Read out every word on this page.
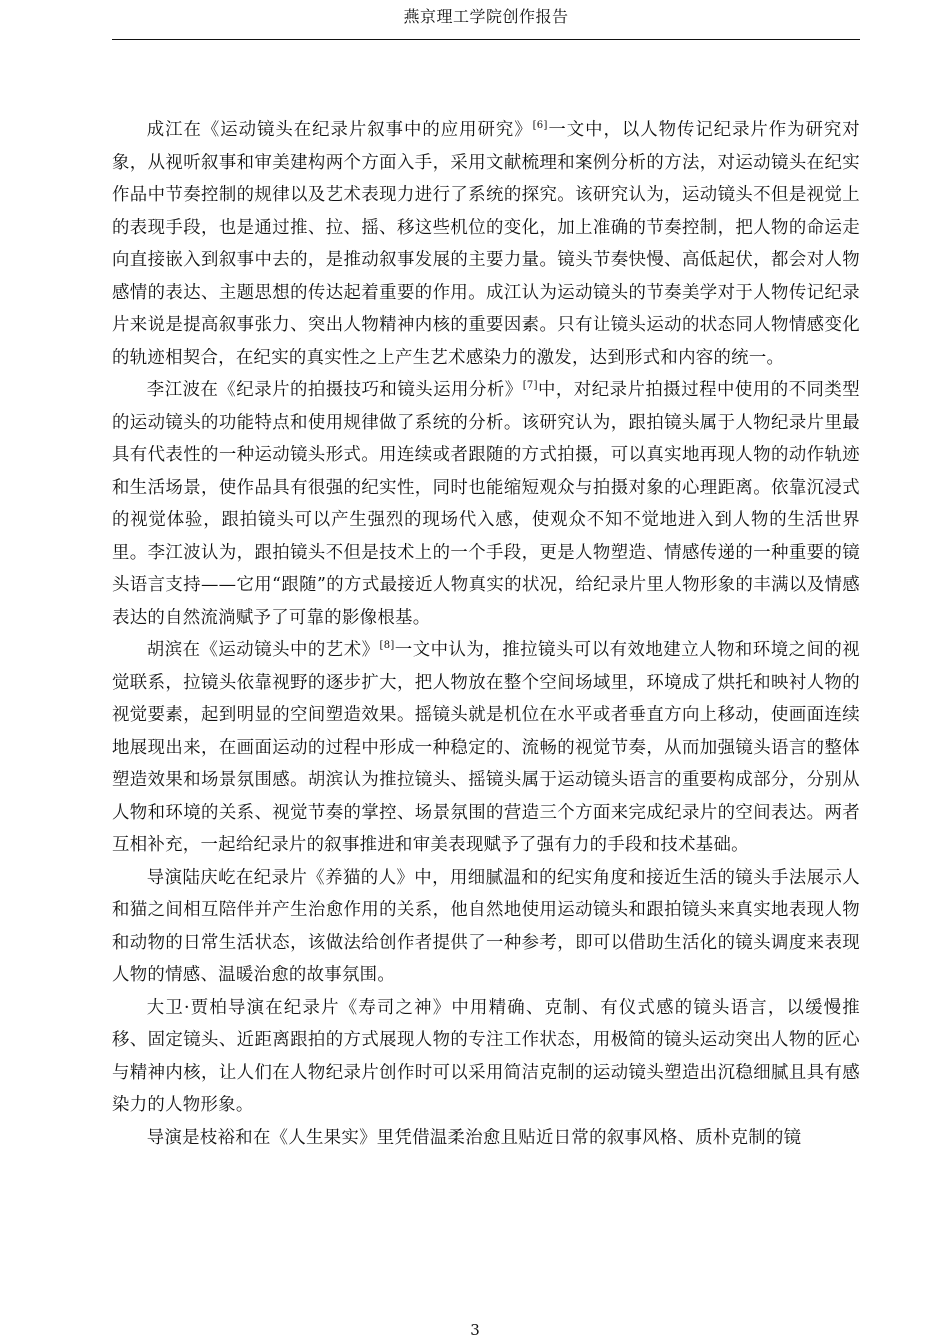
燕京理工学院创作报告

成江在《运动镜头在纪录片叙事中的应用研究》[6]一文中，以人物传记纪录片作为研究对象，从视听叙事和审美建构两个方面入手，采用文献梳理和案例分析的方法，对运动镜头在纪实作品中节奏控制的规律以及艺术表现力进行了系统的探究。该研究认为，运动镜头不但是视觉上的表现手段，也是通过推、拉、摇、移这些机位的变化，加上准确的节奏控制，把人物的命运走向直接嵌入到叙事中去的，是推动叙事发展的主要力量。镜头节奏快慢、高低起伏，都会对人物感情的表达、主题思想的传达起着重要的作用。成江认为运动镜头的节奏美学对于人物传记纪录片来说是提高叙事张力、突出人物精神内核的重要因素。只有让镜头运动的状态同人物情感变化的轨迹相契合，在纪实的真实性之上产生艺术感染力的激发，达到形式和内容的统一。

李江波在《纪录片的拍摄技巧和镜头运用分析》[7]中，对纪录片拍摄过程中使用的不同类型的运动镜头的功能特点和使用规律做了系统的分析。该研究认为，跟拍镜头属于人物纪录片里最具有代表性的一种运动镜头形式。用连续或者跟随的方式拍摄，可以真实地再现人物的动作轨迹和生活场景，使作品具有很强的纪实性，同时也能缩短观众与拍摄对象的心理距离。依靠沉浸式的视觉体验，跟拍镜头可以产生强烈的现场代入感，使观众不知不觉地进入到人物的生活世界里。李江波认为，跟拍镜头不但是技术上的一个手段，更是人物塑造、情感传递的一种重要的镜头语言支持——它用“跟随”的方式最接近人物真实的状况，给纪录片里人物形象的丰满以及情感表达的自然流淌赋予了可靠的影像根基。

胡滨在《运动镜头中的艺术》[8]一文中认为，推拉镜头可以有效地建立人物和环境之间的视觉联系，拉镜头依靠视野的逐步扩大，把人物放在整个空间场域里，环境成了烘托和映衬人物的视觉要素，起到明显的空间塑造效果。摇镜头就是机位在水平或者垂直方向上移动，使画面连续地展现出来，在画面运动的过程中形成一种稳定的、流畅的视觉节奏，从而加强镜头语言的整体塑造效果和场景氛围感。胡滨认为推拉镜头、摇镜头属于运动镜头语言的重要构成部分，分别从人物和环境的关系、视觉节奏的掌控、场景氛围的营造三个方面来完成纪录片的空间表达。两者互相补充，一起给纪录片的叙事推进和审美表现赋予了强有力的手段和技术基础。

导演陆庆屹在纪录片《养猫的人》中，用细腻温和的纪实角度和接近生活的镜头手法展示人和猫之间相互陪伴并产生治愈作用的关系，他自然地使用运动镜头和跟拍镜头来真实地表现人物和动物的日常生活状态，该做法给创作者提供了一种参考，即可以借助生活化的镜头调度来表现人物的情感、温暖治愈的故事氛围。

大卫·贾柏导演在纪录片《寿司之神》中用精确、克制、有仪式感的镜头语言，以缓慢推移、固定镜头、近距离跟拍的方式展现人物的专注工作状态，用极简的镜头运动突出人物的匠心与精神内核，让人们在人物纪录片创作时可以采用简洁克制的运动镜头塑造出沉稳细腻且具有感染力的人物形象。

导演是枝裕和在《人生果实》里凭借温柔治愈且贴近日常的叙事风格、质朴克制的镜

3
